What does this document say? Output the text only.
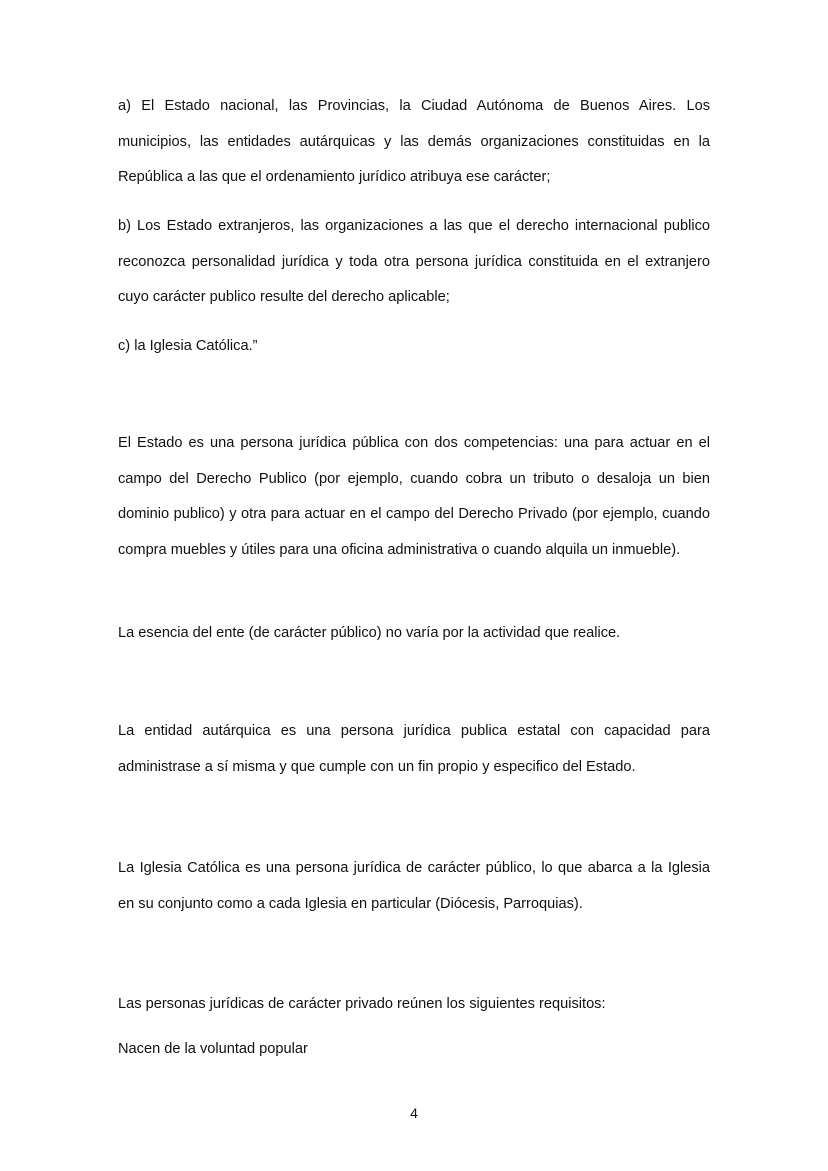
a) El Estado nacional, las Provincias, la Ciudad Autónoma de Buenos Aires. Los municipios, las entidades autárquicas y las demás organizaciones constituidas en la República a las que el ordenamiento jurídico atribuya ese carácter;

b) Los Estado extranjeros, las organizaciones a las que el derecho internacional publico reconozca personalidad jurídica y toda otra persona jurídica constituida en el extranjero cuyo carácter publico resulte del derecho aplicable;

c) la Iglesia Católica.”

El Estado es una persona jurídica pública con dos competencias: una para actuar en el campo del Derecho Publico (por ejemplo, cuando cobra un tributo o desaloja un bien dominio publico) y otra para actuar en el campo del Derecho Privado (por ejemplo, cuando compra muebles y útiles para una oficina administrativa o cuando alquila un inmueble).

La esencia del ente (de carácter público) no varía por la actividad que realice.

La entidad autárquica es una persona jurídica publica estatal con capacidad para administrase a sí misma y que cumple con un fin propio y especifico del Estado.

La Iglesia Católica es una persona jurídica de carácter público, lo que abarca a la Iglesia en su conjunto como a cada Iglesia en particular (Diócesis, Parroquias).

Las personas jurídicas de carácter privado reúnen los siguientes requisitos:

Nacen de la voluntad popular

4
